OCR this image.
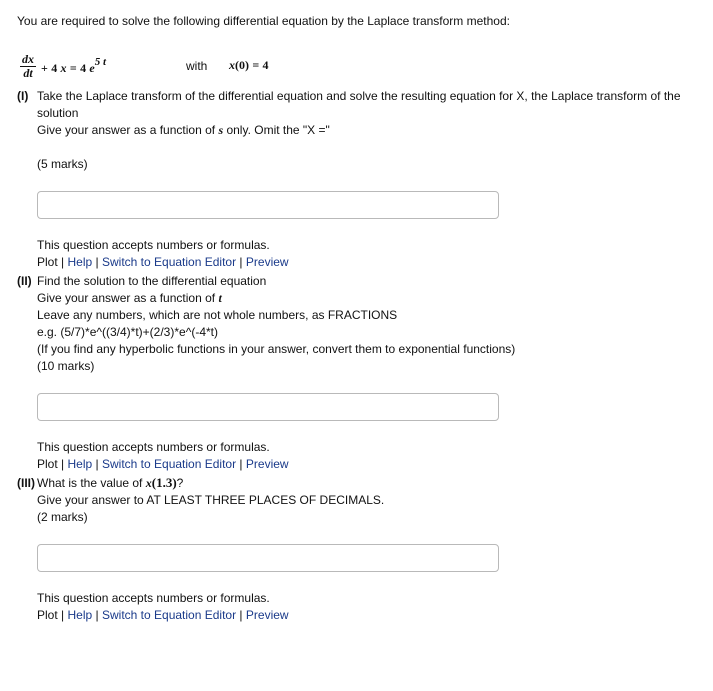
You are required to solve the following differential equation by the Laplace transform method:
$\frac{dx}{dt} + 4$ x = 4 $e^{5 t}$	with x(0) = 4
(I) Take the Laplace transform of the differential equation and solve the resulting equation for X, the Laplace transform of the
solution
Give your answer as a function of s only. Omit the "X ="
(5 marks)
This question accepts numbers or formulas.
Plot | Help | Switch to Equation Editor | Preview
(II) Find the solution to the differential equation
Give your answer as a function of t
Leave any numbers, which are not whole numbers, as FRACTIONS
e.g. (5/7)*e^((3/4)*t)+(2/3)*e^(-4*t)
(If you find any hyperbolic functions in your answer, convert them to exponential functions)
(10 marks)
This question accepts numbers or formulas.
Plot | Help | Switch to Equation Editor | Preview
(III) What is the value of x(1.3)?
Give your answer to AT LEAST THREE PLACES OF DECIMALS.
(2 marks)
This question accepts numbers or formulas.
Plot | Help | Switch to Equation Editor | Preview
